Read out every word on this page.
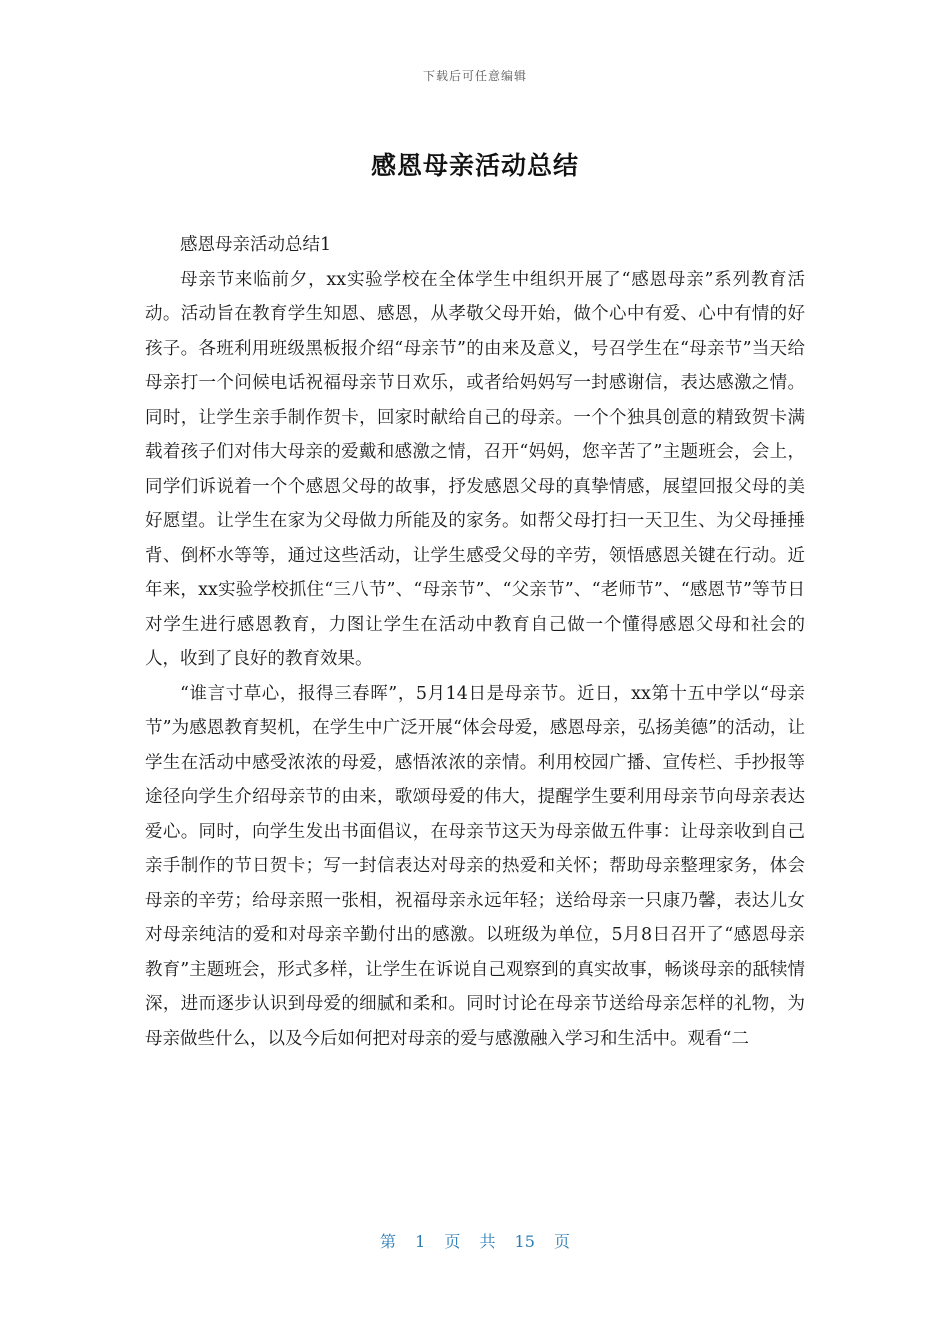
下载后可任意编辑
感恩母亲活动总结

感恩母亲活动总结1

母亲节来临前夕，xx实验学校在全体学生中组织开展了“感恩母亲”系列教育活动。活动旨在教育学生知恩、感恩，从孝敬父母开始，做个心中有爱、心中有情的好孩子。各班利用班级黑板报介绍“母亲节”的由来及意义，号召学生在“母亲节”当天给母亲打一个问候电话祝福母亲节日欢乐，或者给妈妈写一封感谢信，表达感激之情。同时，让学生亲手制作贺卡，回家时献给自己的母亲。一个个独具创意的精致贺卡满载着孩子们对伟大母亲的爱戴和感激之情，召开“妈妈，您辛苦了”主题班会，会上，同学们诉说着一个个感恩父母的故事，抒发感恩父母的真挚情感，展望回报父母的美好愿望。让学生在家为父母做力所能及的家务。如帮父母打扫一天卫生、为父母捶捶背、倒杯水等等，通过这些活动，让学生感受父母的辛劳，领悟感恩关键在行动。近年来，xx实验学校抓住“三八节”、“母亲节”、“父亲节”、“老师节”、“感恩节”等节日对学生进行感恩教育，力图让学生在活动中教育自己做一个懂得感恩父母和社会的人，收到了良好的教育效果。

“谁言寸草心，报得三春晖”，5月14日是母亲节。近日，xx第十五中学以“母亲节”为感恩教育契机，在学生中广泛开展“体会母爱，感恩母亲，弘扬美德”的活动，让学生在活动中感受浓浓的母爱，感悟浓浓的亲情。利用校园广播、宣传栏、手抄报等途径向学生介绍母亲节的由来，歌颂母爱的伟大，提醒学生要利用母亲节向母亲表达爱心。同时，向学生发出书面倡议，在母亲节这天为母亲做五件事：让母亲收到自己亲手制作的节日贺卡；写一封信表达对母亲的热爱和关怀；帮助母亲整理家务，体会母亲的辛劳；给母亲照一张相，祝福母亲永远年轻；送给母亲一只康乃馨，表达儿女对母亲纯洁的爱和对母亲辛勤付出的感激。以班级为单位，5月8日召开了“感恩母亲教育”主题班会，形式多样，让学生在诉说自己观察到的真实故事，畅谈母亲的舐犊情深，进而逐步认识到母爱的细腻和柔和。同时讨论在母亲节送给母亲怎样的礼物，为母亲做些什么，以及今后如何把对母亲的爱与感激融入学习和生活中。观看“二

第 1 页 共 15 页
